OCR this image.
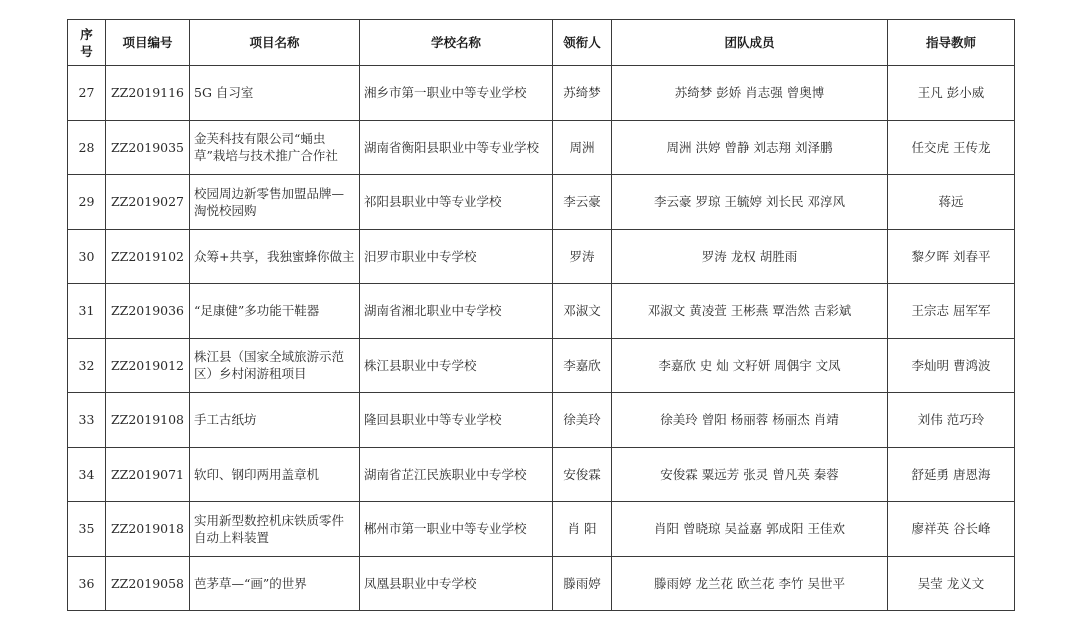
序
号	项目编号	项目名称	学校名称	领衔人	团队成员	指导教师
27	ZZ2019116	5G 自习室	湘乡市第一职业中等专业学校	苏绮梦	苏绮梦 彭娇 肖志强 曾奥博	王凡 彭小威
28	ZZ2019035	金芙科技有限公司“蛹虫草”栽培与技术推广合作社	湖南省衡阳县职业中等专业学校	周洲	周洲 洪婷 曾静 刘志翔 刘泽鹏	任交虎 王传龙
29	ZZ2019027	校园周边新零售加盟品牌—淘悦校园购	祁阳县职业中等专业学校	李云豪	李云豪 罗琼 王毓婷 刘长民 邓淳风	蒋远
30	ZZ2019102	众筹+共享，我独蜜蜂你做主	汨罗市职业中专学校	罗涛	罗涛 龙权 胡胜雨	黎夕晖 刘春平
31	ZZ2019036	“足康健”多功能干鞋器	湖南省湘北职业中专学校	邓淑文	邓淑文 黄凌萱 王彬燕 覃浩然 吉彩斌	王宗志 屈军军
32	ZZ2019012	株江县（国家全域旅游示范区）乡村闲游租项目	株江县职业中专学校	李嘉欣	李嘉欣 史 灿 文籽妍 周偶宇 文凤	李灿明 曹鸿波
33	ZZ2019108	手工古纸坊	隆回县职业中等专业学校	徐美玲	徐美玲 曾阳 杨丽蓉 杨丽杰 肖靖	刘伟 范巧玲
34	ZZ2019071	软印、钢印两用盖章机	湖南省芷江民族职业中专学校	安俊霖	安俊霖 粟远芳 张灵 曾凡英 秦蓉	舒延勇 唐恩海
35	ZZ2019018	实用新型数控机床铁质零件自动上料装置	郴州市第一职业中等专业学校	肖 阳	肖阳 曾晓琼 吴益嘉 郭成阳 王佳欢	廖祥英 谷长峰
36	ZZ2019058	芭茅草—“画”的世界	凤凰县职业中专学校	滕雨婷	滕雨婷 龙兰花 欧兰花 李竹 吴世平	吴莹 龙义文
